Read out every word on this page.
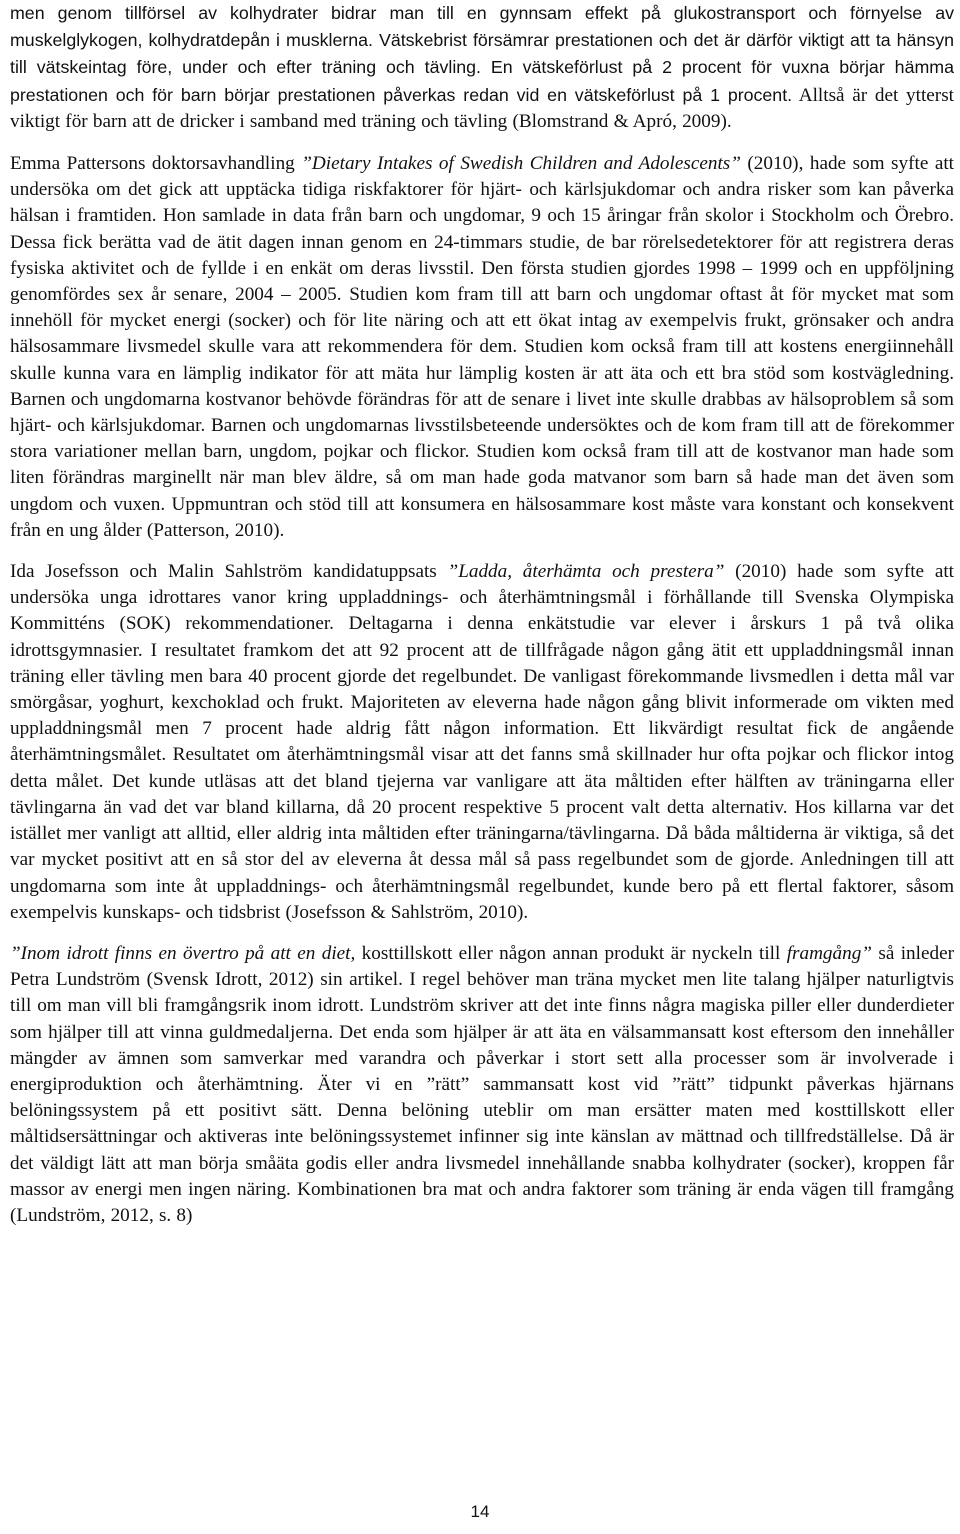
men genom tillförsel av kolhydrater bidrar man till en gynnsam effekt på glukostransport och förnyelse av muskelglykogen, kolhydratdepån i musklerna. Vätskebrist försämrar prestationen och det är därför viktigt att ta hänsyn till vätskeintag före, under och efter träning och tävling. En vätskeförlust på 2 procent för vuxna börjar hämma prestationen och för barn börjar prestationen påverkas redan vid en vätskeförlust på 1 procent. Alltså är det ytterst viktigt för barn att de dricker i samband med träning och tävling (Blomstrand & Apró, 2009).

Emma Pattersons doktorsavhandling ”Dietary Intakes of Swedish Children and Adolescents” (2010), hade som syfte att undersöka om det gick att upptäcka tidiga riskfaktorer för hjärt- och kärlsjukdomar och andra risker som kan påverka hälsan i framtiden. Hon samlade in data från barn och ungdomar, 9 och 15 åringar från skolor i Stockholm och Örebro. Dessa fick berätta vad de ätit dagen innan genom en 24-timmars studie, de bar rörelsedetektorer för att registrera deras fysiska aktivitet och de fyllde i en enkät om deras livsstil. Den första studien gjordes 1998 – 1999 och en uppföljning genomfördes sex år senare, 2004 – 2005. Studien kom fram till att barn och ungdomar oftast åt för mycket mat som innehöll för mycket energi (socker) och för lite näring och att ett ökat intag av exempelvis frukt, grönsaker och andra hälsosammare livsmedel skulle vara att rekommendera för dem. Studien kom också fram till att kostens energiinnehåll skulle kunna vara en lämplig indikator för att mäta hur lämplig kosten är att äta och ett bra stöd som kostvägledning. Barnen och ungdomarna kostvanor behövde förändras för att de senare i livet inte skulle drabbas av hälsoproblem så som hjärt- och kärlsjukdomar. Barnen och ungdomarnas livsstilsbeteende undersöktes och de kom fram till att de förekommer stora variationer mellan barn, ungdom, pojkar och flickor. Studien kom också fram till att de kostvanor man hade som liten förändras marginellt när man blev äldre, så om man hade goda matvanor som barn så hade man det även som ungdom och vuxen. Uppmuntran och stöd till att konsumera en hälsosammare kost måste vara konstant och konsekvent från en ung ålder (Patterson, 2010).

Ida Josefsson och Malin Sahlström kandidatuppsats ”Ladda, återhämta och prestera” (2010) hade som syfte att undersöka unga idrottares vanor kring uppladdnings- och återhämtningsmål i förhållande till Svenska Olympiska Kommitténs (SOK) rekommendationer. Deltagarna i denna enkätstudie var elever i årskurs 1 på två olika idrottsgymnasier. I resultatet framkom det att 92 procent att de tillfrågade någon gång ätit ett uppladdningsmål innan träning eller tävling men bara 40 procent gjorde det regelbundet. De vanligast förekommande livsmedlen i detta mål var smörgåsar, yoghurt, kexchoklad och frukt. Majoriteten av eleverna hade någon gång blivit informerade om vikten med uppladdningsmål men 7 procent hade aldrig fått någon information. Ett likvärdigt resultat fick de angående återhämtningsmålet. Resultatet om återhämtningsmål visar att det fanns små skillnader hur ofta pojkar och flickor intog detta målet. Det kunde utläsas att det bland tjejerna var vanligare att äta måltiden efter hälften av träningarna eller tävlingarna än vad det var bland killarna, då 20 procent respektive 5 procent valt detta alternativ. Hos killarna var det istället mer vanligt att alltid, eller aldrig inta måltiden efter träningarna/tävlingarna. Då båda måltiderna är viktiga, så det var mycket positivt att en så stor del av eleverna åt dessa mål så pass regelbundet som de gjorde. Anledningen till att ungdomarna som inte åt uppladdnings- och återhämtningsmål regelbundet, kunde bero på ett flertal faktorer, såsom exempelvis kunskaps- och tidsbrist (Josefsson & Sahlström, 2010).

”Inom idrott finns en övertro på att en diet, kosttillskott eller någon annan produkt är nyckeln till framgång” så inleder Petra Lundström (Svensk Idrott, 2012) sin artikel. I regel behöver man träna mycket men lite talang hjälper naturligtvis till om man vill bli framgångsrik inom idrott. Lundström skriver att det inte finns några magiska piller eller dunderdieter som hjälper till att vinna guldmedaljerna. Det enda som hjälper är att äta en välsammansatt kost eftersom den innehåller mängder av ämnen som samverkar med varandra och påverkar i stort sett alla processer som är involverade i energiproduktion och återhämtning. Äter vi en ”rätt” sammansatt kost vid ”rätt” tidpunkt påverkas hjärnans belöningssystem på ett positivt sätt. Denna belöning uteblir om man ersätter maten med kosttillskott eller måltidsersättningar och aktiveras inte belöningssystemet infinner sig inte känslan av mättnad och tillfredställelse. Då är det väldigt lätt att man börja småäta godis eller andra livsmedel innehållande snabba kolhydrater (socker), kroppen får massor av energi men ingen näring. Kombinationen bra mat och andra faktorer som träning är enda vägen till framgång (Lundström, 2012, s. 8)

14
